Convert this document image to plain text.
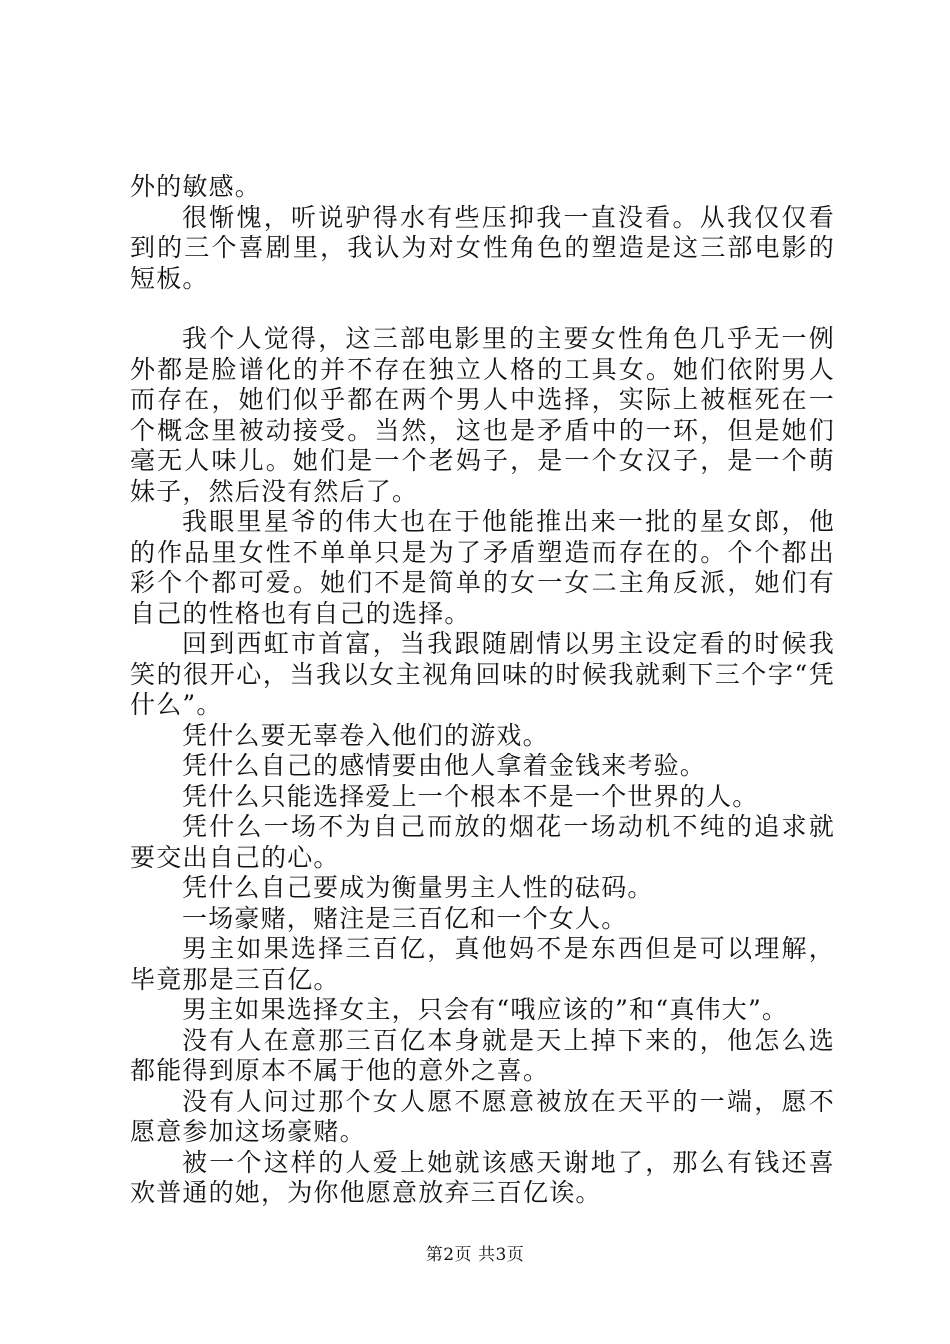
外的敏感。

很惭愧，听说驴得水有些压抑我一直没看。从我仅仅看到的三个喜剧里，我认为对女性角色的塑造是这三部电影的短板。

我个人觉得，这三部电影里的主要女性角色几乎无一例外都是脸谱化的并不存在独立人格的工具女。她们依附男人而存在，她们似乎都在两个男人中选择，实际上被框死在一个概念里被动接受。当然，这也是矛盾中的一环，但是她们毫无人味儿。她们是一个老妈子，是一个女汉子，是一个萌妹子，然后没有然后了。

我眼里星爷的伟大也在于他能推出来一批的星女郎，他的作品里女性不单单只是为了矛盾塑造而存在的。个个都出彩个个都可爱。她们不是简单的女一女二主角反派，她们有自己的性格也有自己的选择。

回到西虹市首富，当我跟随剧情以男主设定看的时候我笑的很开心，当我以女主视角回味的时候我就剩下三个字“凭什么”。

凭什么要无辜卷入他们的游戏。

凭什么自己的感情要由他人拿着金钱来考验。

凭什么只能选择爱上一个根本不是一个世界的人。

凭什么一场不为自己而放的烟花一场动机不纯的追求就要交出自己的心。

凭什么自己要成为衡量男主人性的砝码。

一场豪赌，赌注是三百亿和一个女人。

男主如果选择三百亿，真他妈不是东西但是可以理解，毕竟那是三百亿。

男主如果选择女主，只会有“哦应该的”和“真伟大”。

没有人在意那三百亿本身就是天上掉下来的，他怎么选都能得到原本不属于他的意外之喜。

没有人问过那个女人愿不愿意被放在天平的一端，愿不愿意参加这场豪赌。

被一个这样的人爱上她就该感天谢地了，那么有钱还喜欢普通的她，为你他愿意放弃三百亿诶。

第2页 共3页
